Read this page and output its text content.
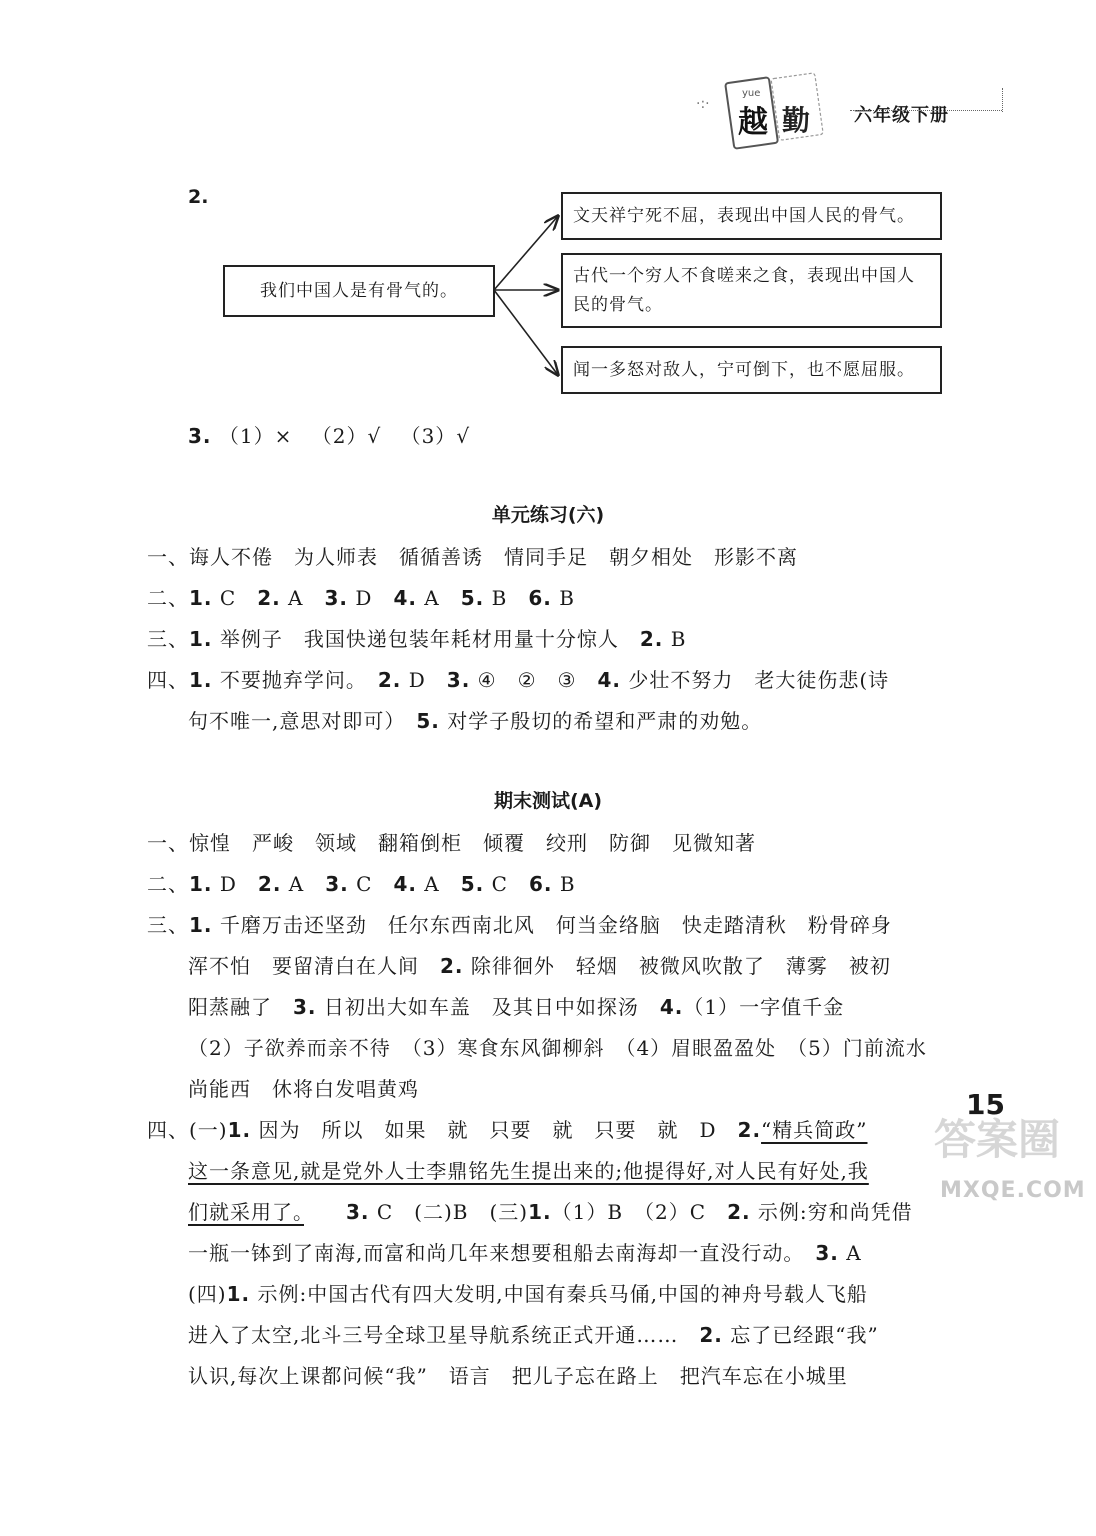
·:·
yue
越 勤 六年级下册
2.
我们中国人是有骨气的。
文天祥宁死不屈，表现出中国人民的骨气。
古代一个穷人不食嗟来之食，表现出中国人民的骨气。
闻一多怒对敌人，宁可倒下，也不愿屈服。
3. （1）× （2）√ （3）√
单元练习(六)
一、诲人不倦　为人师表　循循善诱　情同手足　朝夕相处　形影不离
二、1. C　2. A　3. D　4. A　5. B　6. B
三、1. 举例子　我国快递包装年耗材用量十分惊人　2. B
四、1. 不要抛弃学问。　2. D　3. ④　②　③　4. 少壮不努力　老大徒伤悲(诗
句不唯一,意思对即可）　5. 对学子殷切的希望和严肃的劝勉。
期末测试(A)
一、惊惶　严峻　领域　翻箱倒柜　倾覆　绞刑　防御　见微知著
二、1. D　2. A　3. C　4. A　5. C　6. B
三、1. 千磨万击还坚劲　任尔东西南北风　何当金络脑　快走踏清秋　粉骨碎身
浑不怕　要留清白在人间　2. 除徘徊外　轻烟　被微风吹散了　薄雾　被初
阳蒸融了　3. 日初出大如车盖　及其日中如探汤　4.（1）一字值千金
（2）子欲养而亲不待　（3）寒食东风御柳斜　（4）眉眼盈盈处　（5）门前流水
尚能西　休将白发唱黄鸡
四、(一)1. 因为　所以　如果　就　只要　就　只要　就　D　2.“精兵简政”
这一条意见,就是党外人士李鼎铭先生提出来的;他提得好,对人民有好处,我
们就采用了。　　 3. C　(二)B　(三)1.（1）B　（2）C　2. 示例:穷和尚凭借
一瓶一钵到了南海,而富和尚几年来想要租船去南海却一直没行动。　3. A
(四)1. 示例:中国古代有四大发明,中国有秦兵马俑,中国的神舟号载人飞船
进入了太空,北斗三号全球卫星导航系统正式开通……　2. 忘了已经跟“我”
认识,每次上课都问候“我”　语言　把儿子忘在路上　把汽车忘在小城里
15
答案圈
MXQE.COM
